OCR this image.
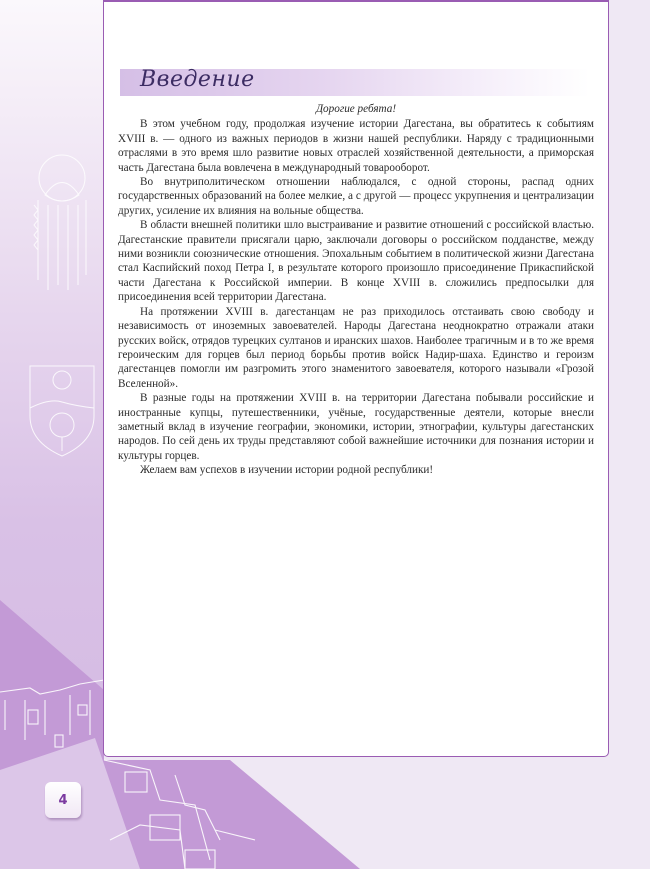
Введение
Дорогие ребята!

В этом учебном году, продолжая изучение истории Дагестана, вы обратитесь к событиям XVIII в. — одного из важных периодов в жизни нашей республики. Наряду с традиционными отраслями в это время шло развитие новых отраслей хозяйственной деятельности, а приморская часть Дагестана была вовлечена в международный товарооборот.

Во внутриполитическом отношении наблюдался, с одной стороны, распад одних государственных образований на более мелкие, а с другой — процесс укрупнения и централизации других, усиление их влияния на вольные общества.

В области внешней политики шло выстраивание и развитие отношений с российской властью. Дагестанские правители присягали царю, заключали договоры о российском подданстве, между ними возникли союзнические отношения. Эпохальным событием в политической жизни Дагестана стал Каспийский поход Петра I, в результате которого произошло присоединение Прикаспийской части Дагестана к Российской империи. В конце XVIII в. сложились предпосылки для присоединения всей территории Дагестана.

На протяжении XVIII в. дагестанцам не раз приходилось отстаивать свою свободу и независимость от иноземных завоевателей. Народы Дагестана неоднократно отражали атаки русских войск, отрядов турецких султанов и иранских шахов. Наиболее трагичным и в то же время героическим для горцев был период борьбы против войск Надир-шаха. Единство и героизм дагестанцев помогли им разгромить этого знаменитого завоевателя, которого называли «Грозой Вселенной».

В разные годы на протяжении XVIII в. на территории Дагестана побывали российские и иностранные купцы, путешественники, учёные, государственные деятели, которые внесли заметный вклад в изучение географии, экономики, истории, этнографии, культуры дагестанских народов. По сей день их труды представляют собой важнейшие источники для познания истории и культуры горцев.

Желаем вам успехов в изучении истории родной республики!

4
